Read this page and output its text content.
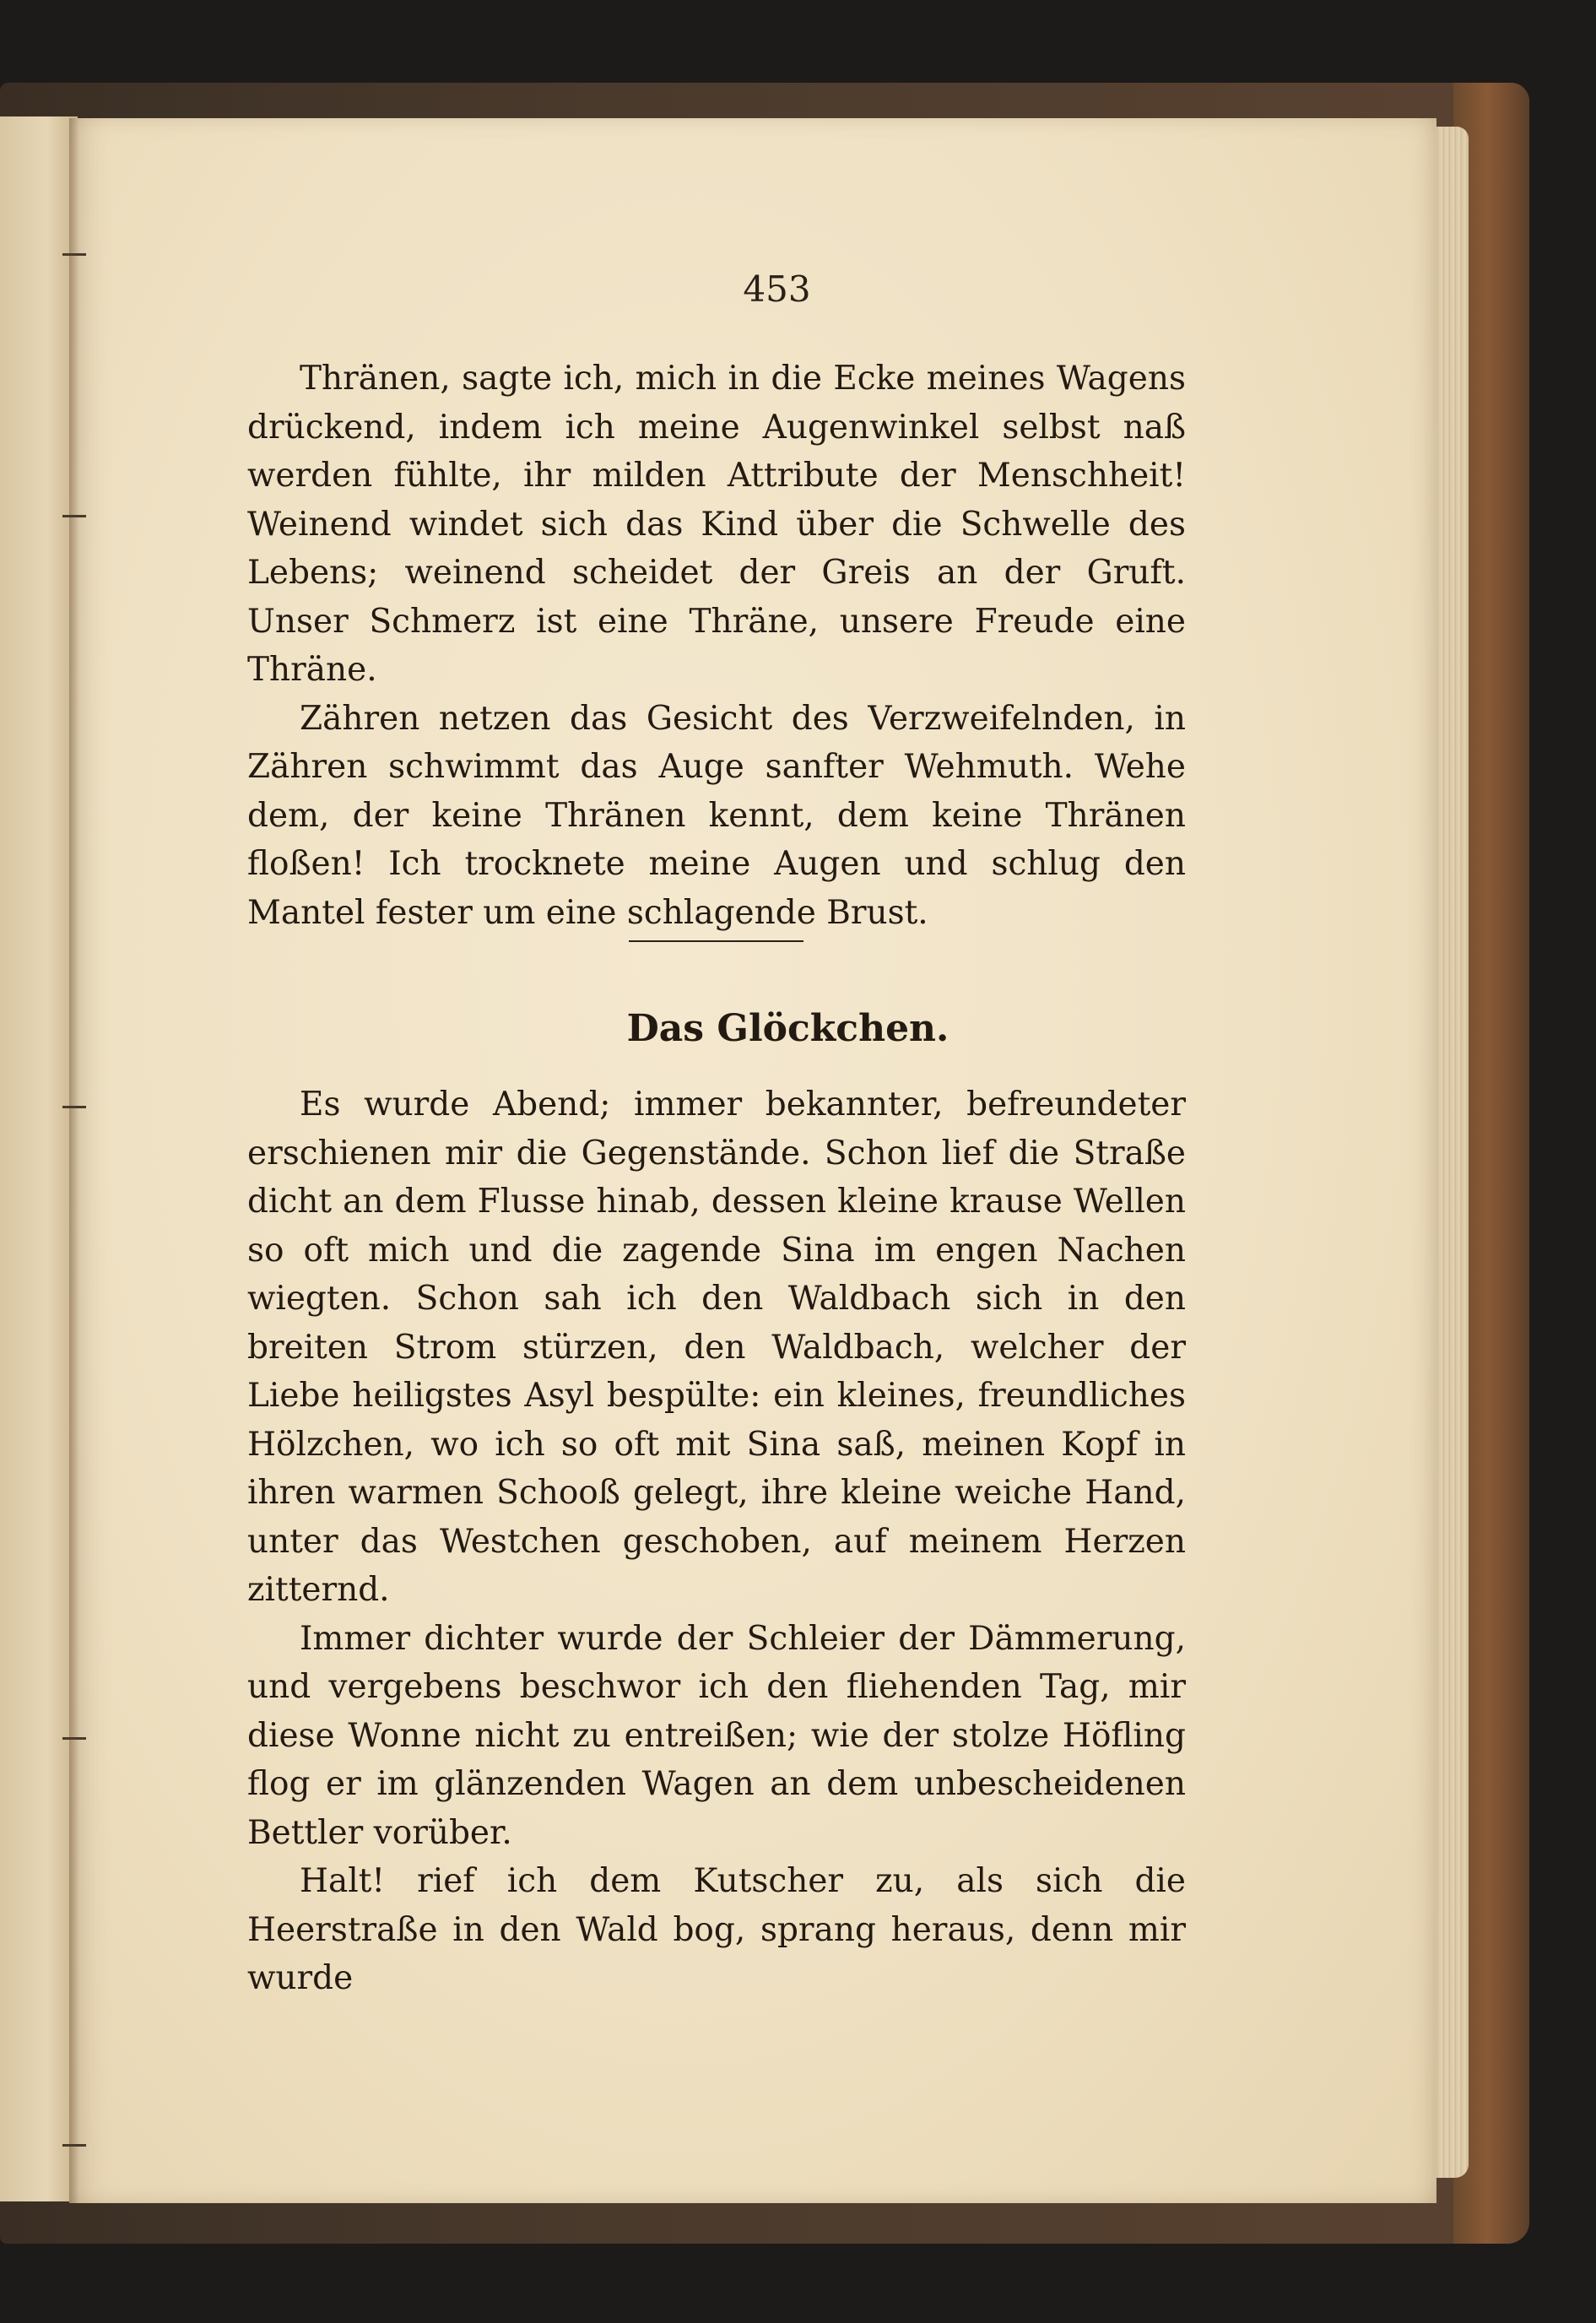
453

Thränen, sagte ich, mich in die Ecke meines Wagens drückend, indem ich meine Augenwinkel selbst naß werden fühlte, ihr milden Attribute der Menschheit! Weinend windet sich das Kind über die Schwelle des Lebens; weinend scheidet der Greis an der Gruft. Unser Schmerz ist eine Thräne, unsere Freude eine Thräne.

Zähren netzen das Gesicht des Verzweifelnden, in Zähren schwimmt das Auge sanfter Wehmuth. Wehe dem, der keine Thränen kennt, dem keine Thränen floßen! Ich trocknete meine Augen und schlug den Mantel fester um eine schlagende Brust.

Das Glöckchen.

Es wurde Abend; immer bekannter, befreundeter erschienen mir die Gegenstände. Schon lief die Straße dicht an dem Flusse hinab, dessen kleine krause Wellen so oft mich und die zagende Sina im engen Nachen wiegten. Schon sah ich den Waldbach sich in den breiten Strom stürzen, den Waldbach, welcher der Liebe heiligstes Asyl bespülte: ein kleines, freundliches Hölzchen, wo ich so oft mit Sina saß, meinen Kopf in ihren warmen Schooß gelegt, ihre kleine weiche Hand, unter das Westchen geschoben, auf meinem Herzen zitternd.

Immer dichter wurde der Schleier der Dämmerung, und vergebens beschwor ich den fliehenden Tag, mir diese Wonne nicht zu entreißen; wie der stolze Höfling flog er im glänzenden Wagen an dem unbescheidenen Bettler vorüber.

Halt! rief ich dem Kutscher zu, als sich die Heerstraße in den Wald bog, sprang heraus, denn mir wurde
